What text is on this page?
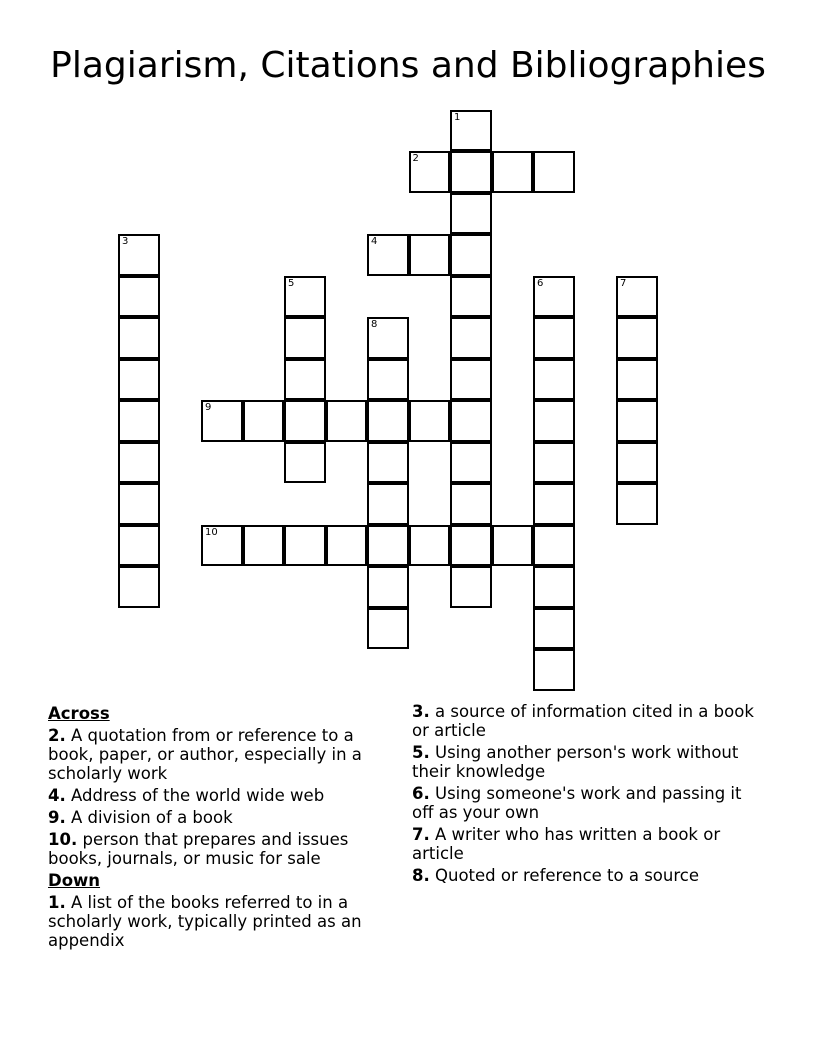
Plagiarism, Citations and Bibliographies
1
2
3	4
5	6	7
8
9
10
Across
2. A quotation from or reference to a book, paper, or author, especially in a scholarly work
4. Address of the world wide web
9. A division of a book
10. person that prepares and issues books, journals, or music for sale
Down
1. A list of the books referred to in a scholarly work, typically printed as an appendix
3. a source of information cited in a book or article
5. Using another person's work without their knowledge
6. Using someone's work and passing it off as your own
7. A writer who has written a book or article
8. Quoted or reference to a source
